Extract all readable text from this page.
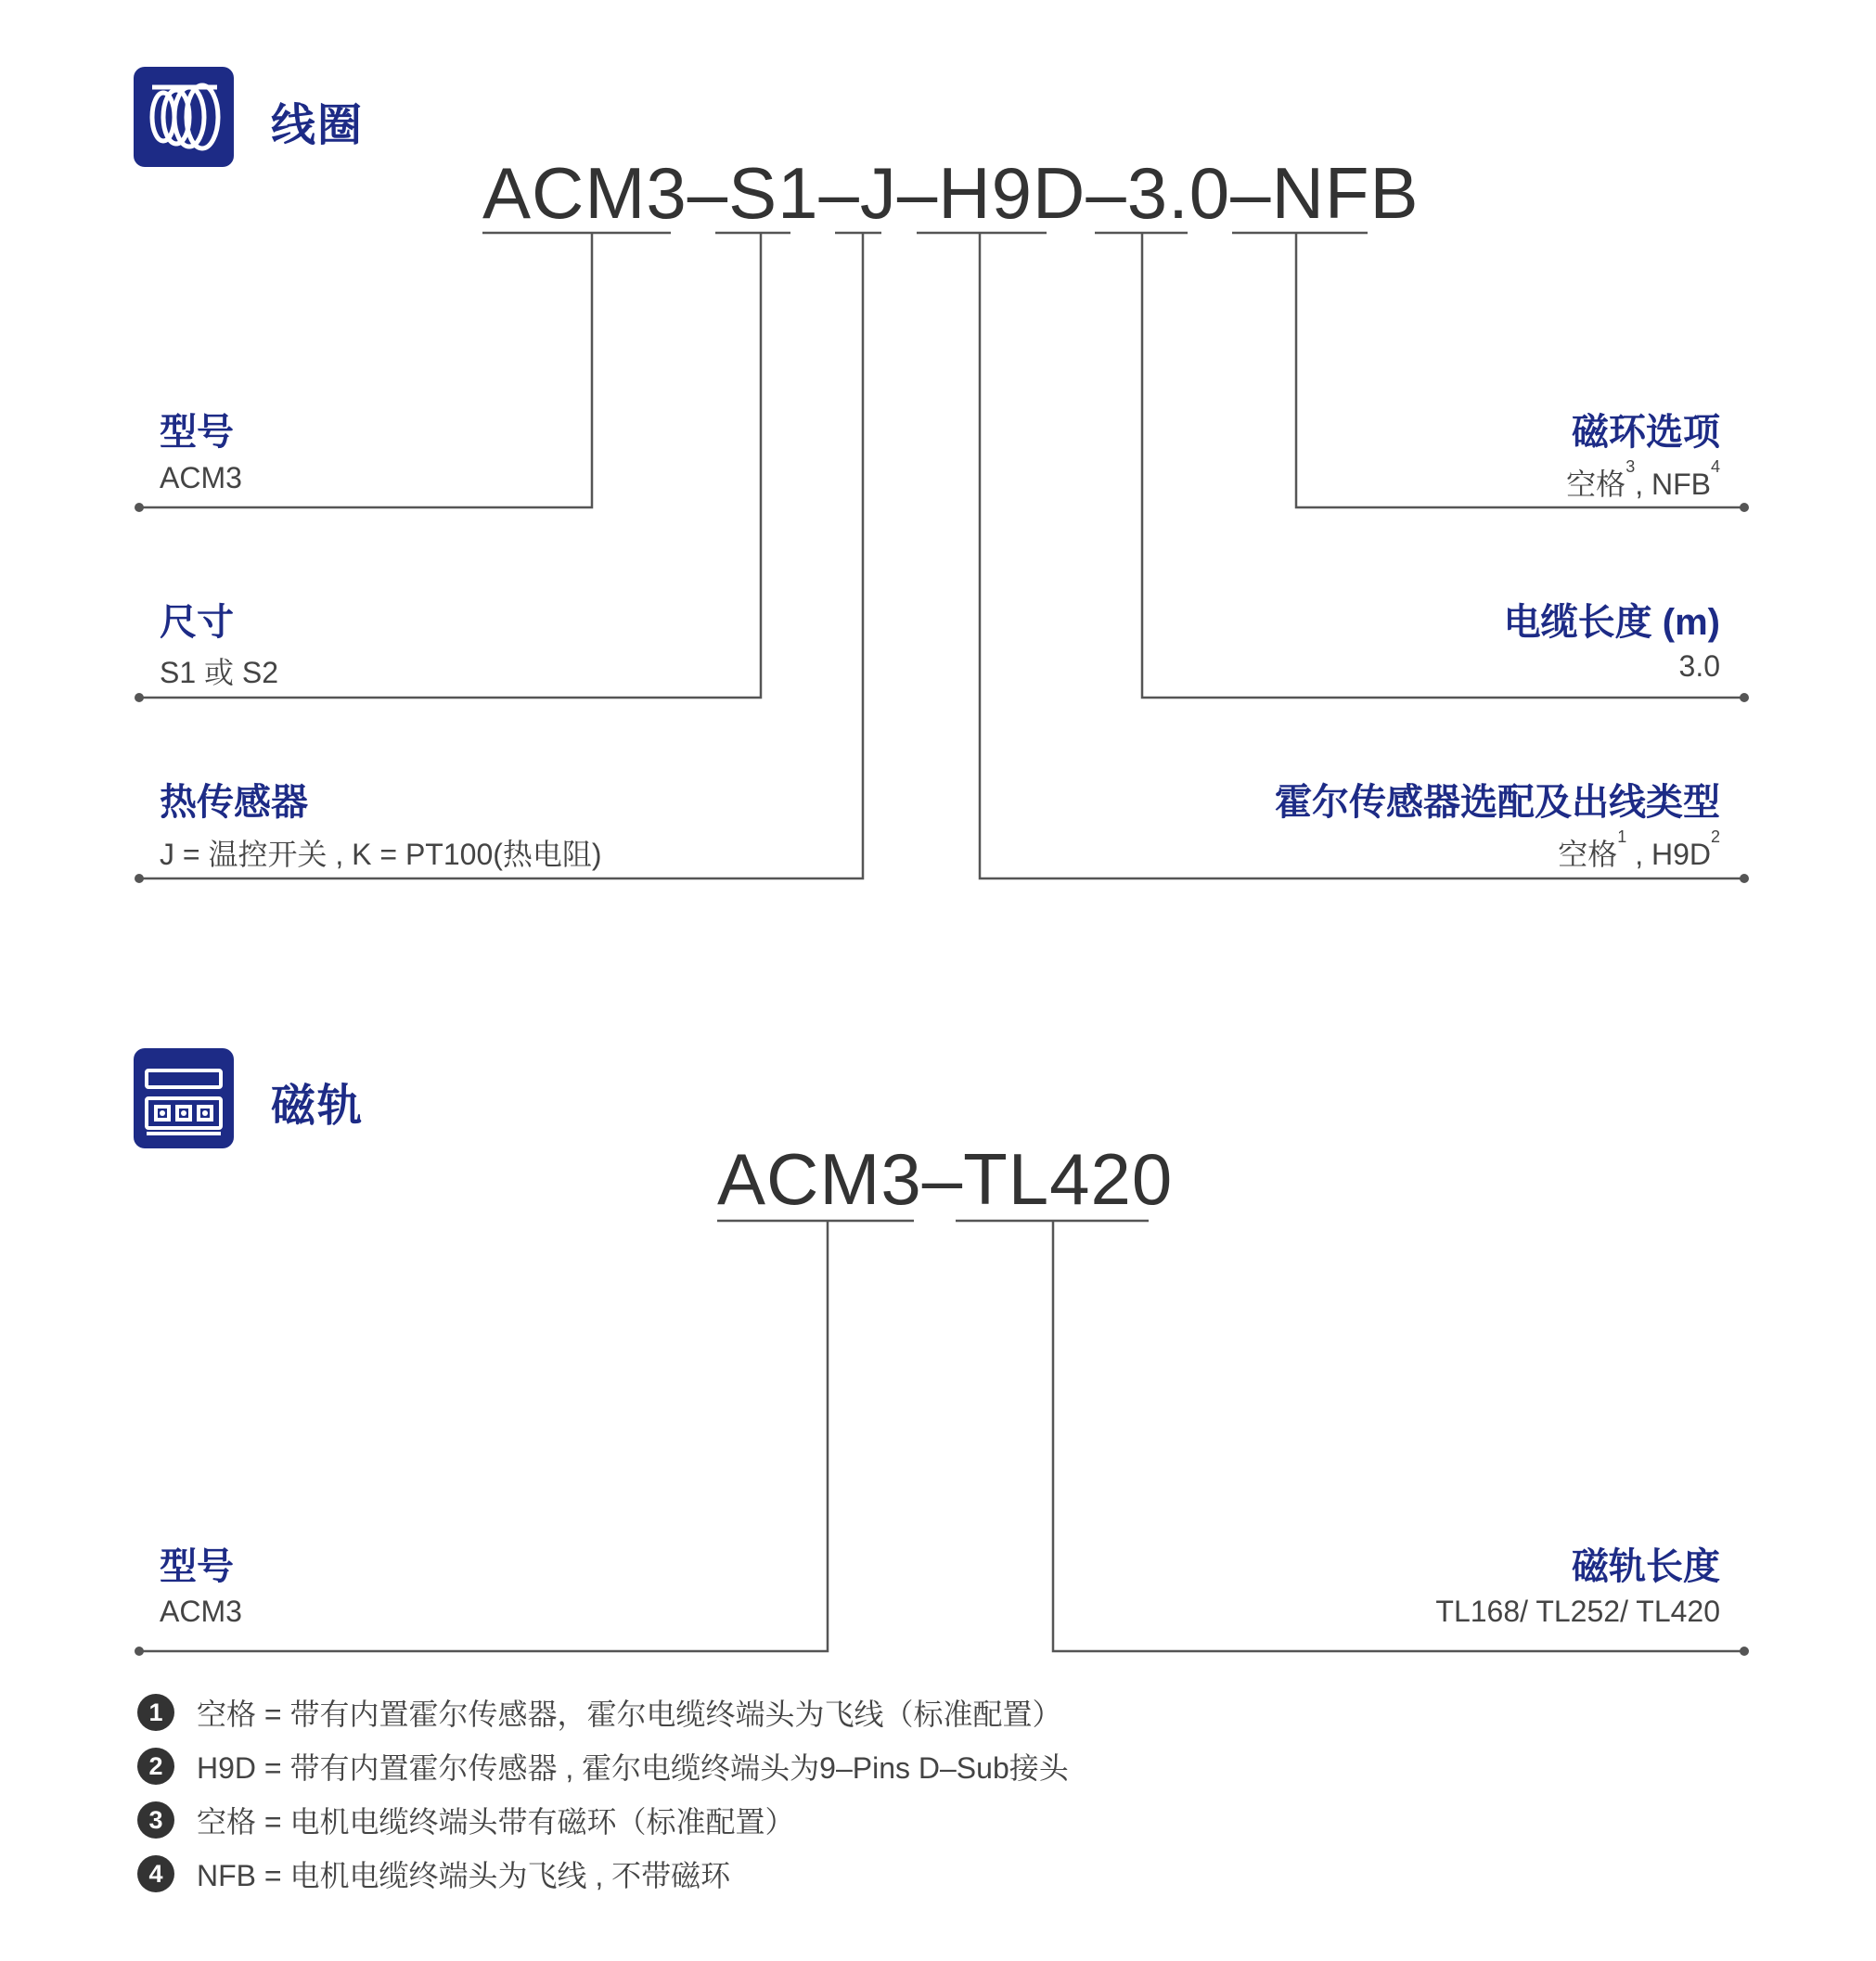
线圈
ACM3–S1–J–H9D–3.0–NFB
型号
ACM3
尺寸
S1 或 S2
热传感器
J = 温控开关 , K = PT100(热电阻)
磁环选项
空格$^3$, NFB$^4$
电缆长度 (m)
3.0
霍尔传感器选配及出线类型
空格$^1$ , $H9D^2$
磁轨
ACM3–TL420
型号
ACM3
磁轨长度
TL168/ TL252/ TL420
1	空格 = 带有内置霍尔传感器，霍尔电缆终端头为飞线（标准配置）
2	H9D = 带有内置霍尔传感器 , 霍尔电缆终端头为9–Pins D–Sub接头
3	空格 = 电机电缆终端头带有磁环（标准配置）
4	NFB = 电机电缆终端头为飞线 , 不带磁环
